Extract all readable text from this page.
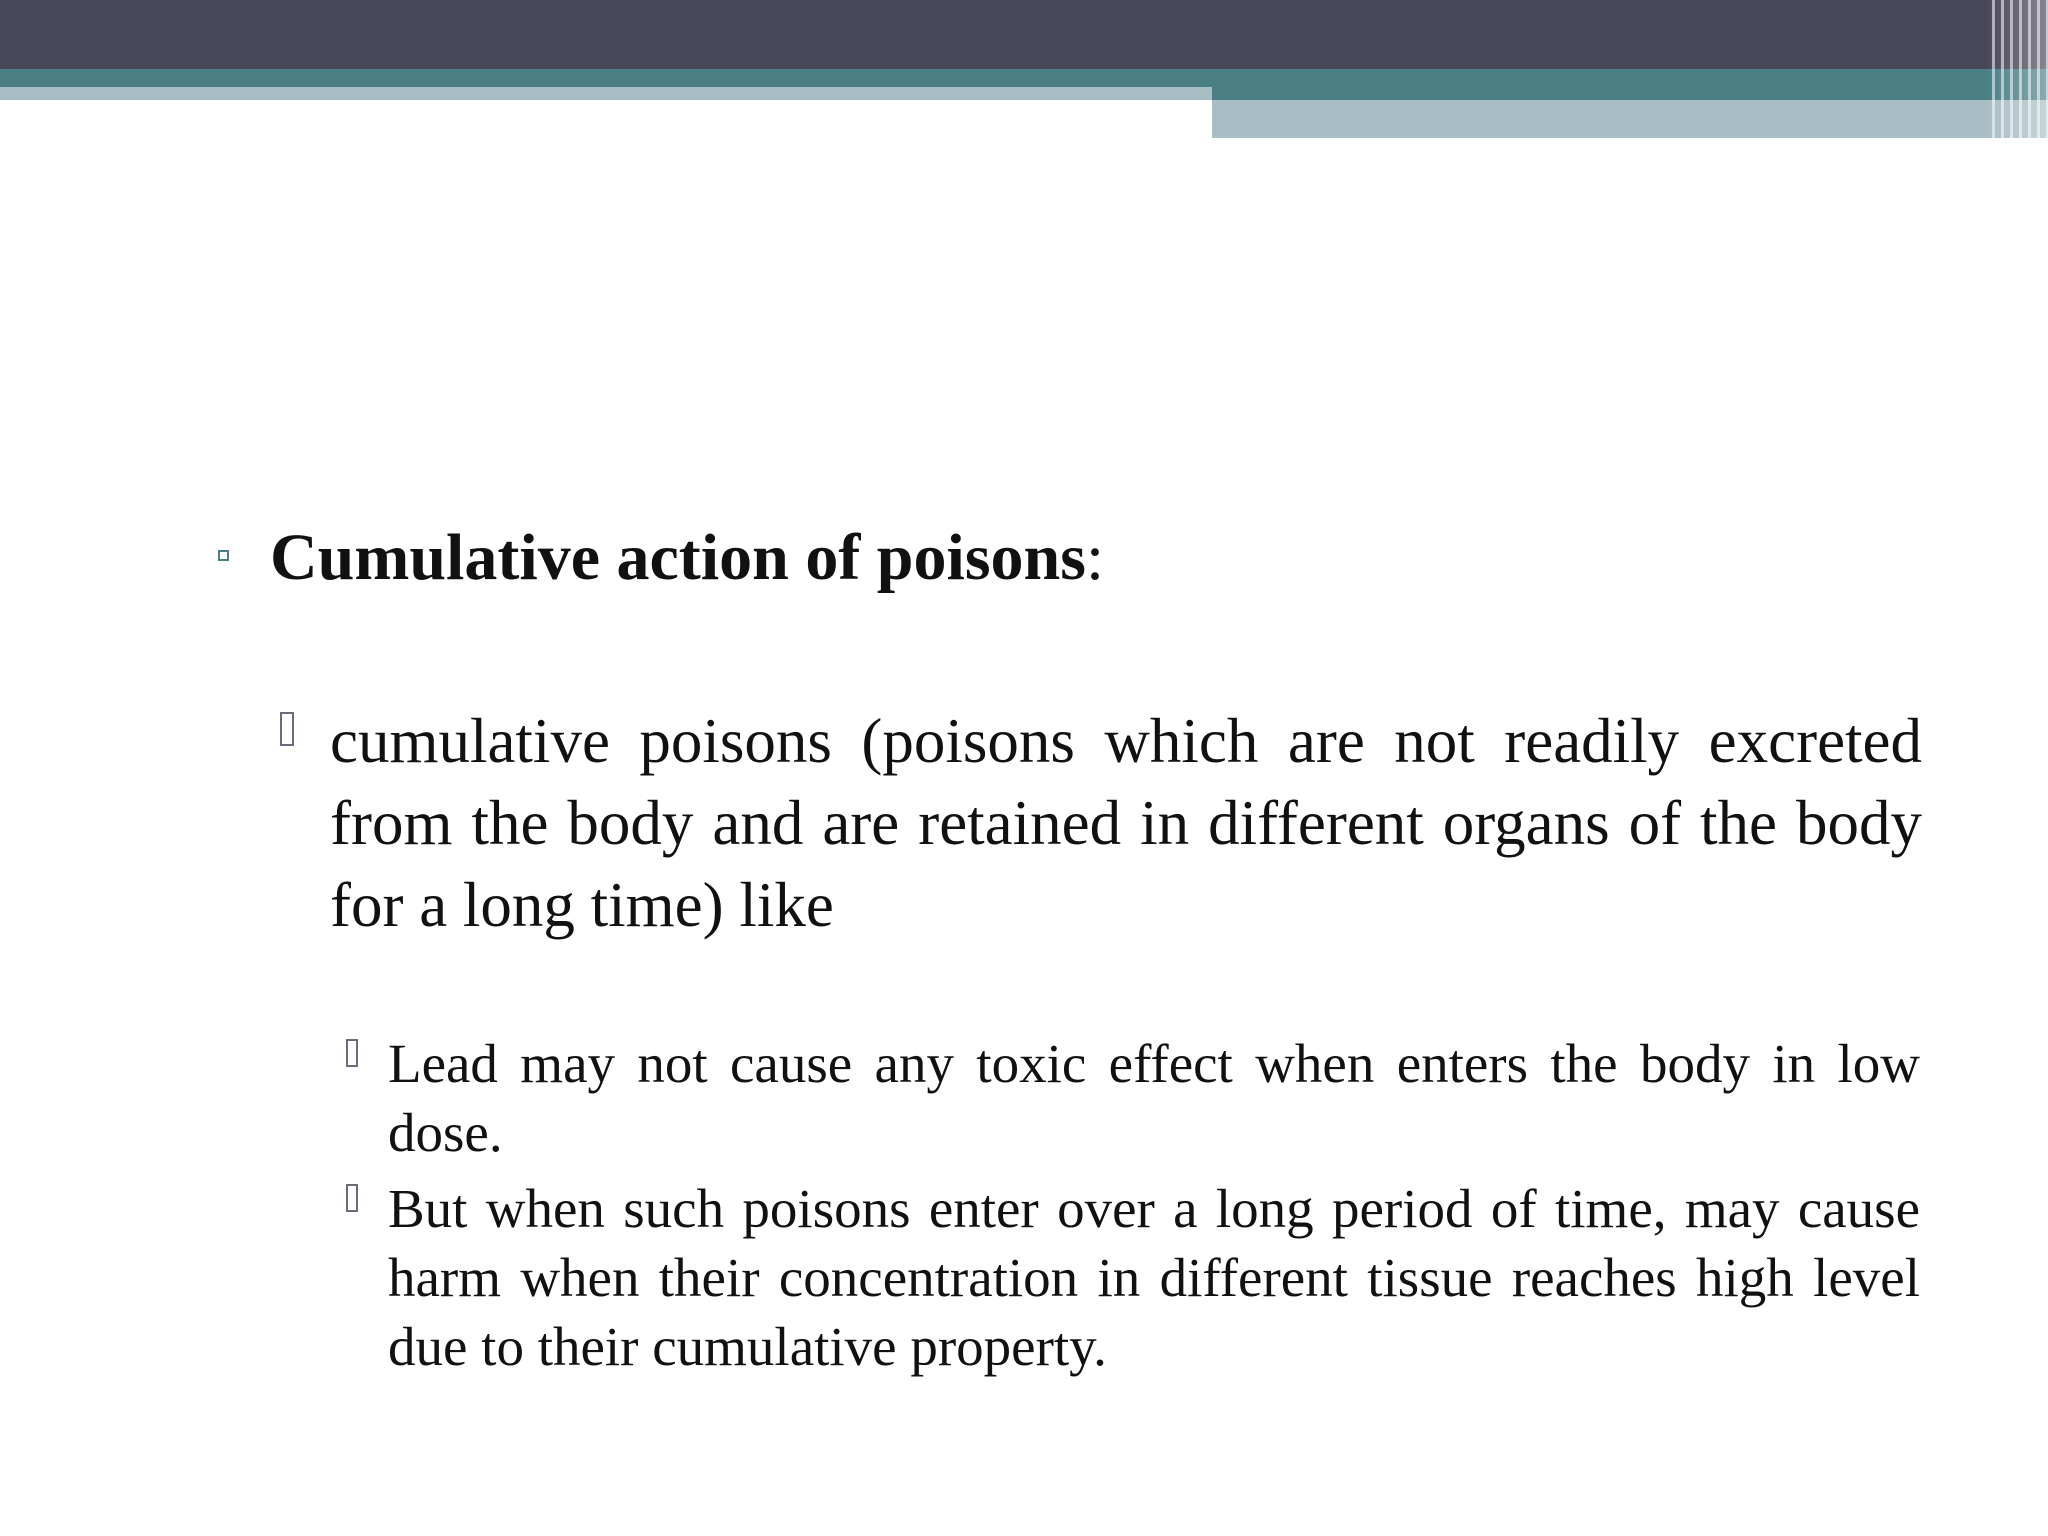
Cumulative action of poisons:
cumulative poisons (poisons which are not readily excreted from the body and are retained in different organs of the body for a long time) like
Lead may not cause any toxic effect when enters the body in low dose.
But when such poisons enter over a long period of time, may cause harm when their concentration in different tissue reaches high level due to their cumulative property.
